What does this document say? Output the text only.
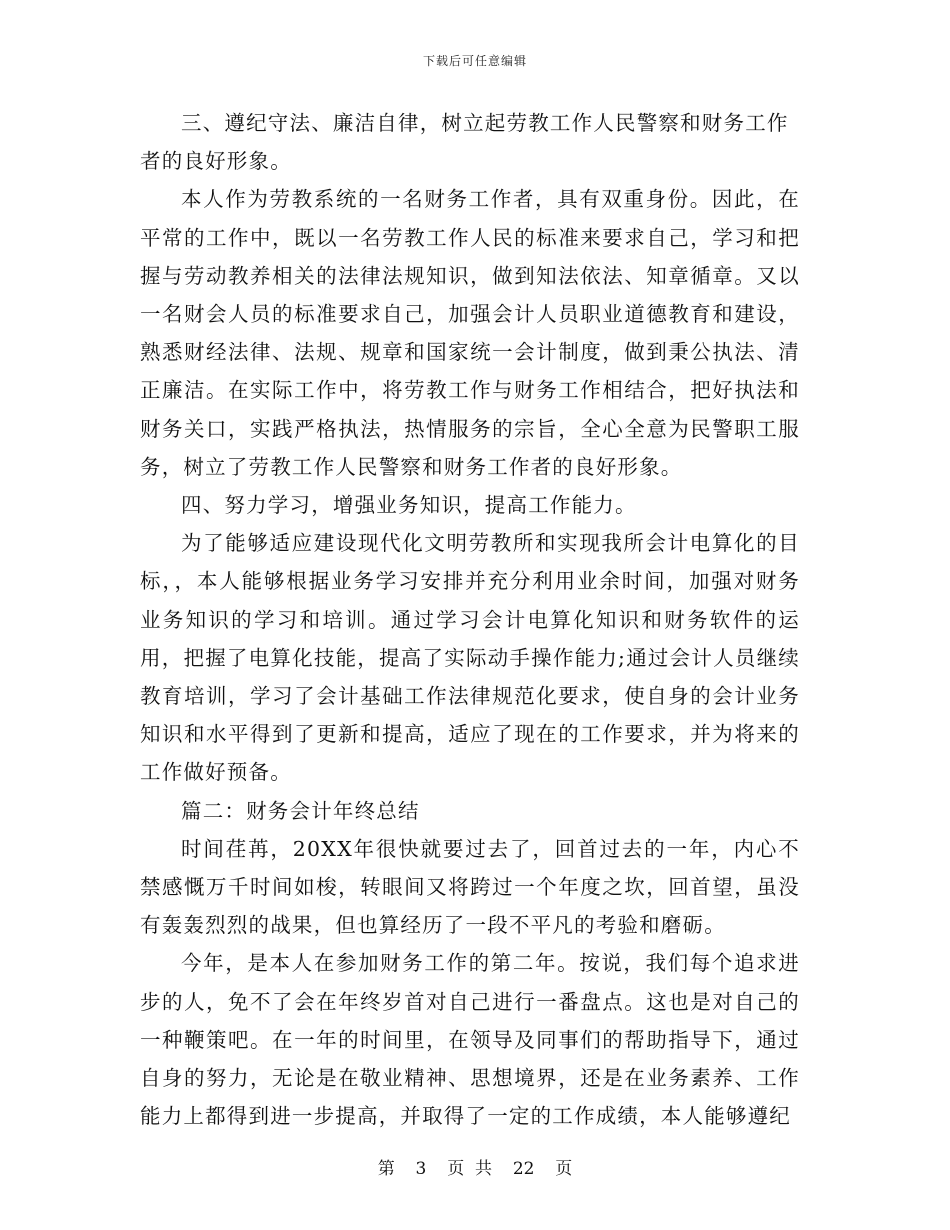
下载后可任意编辑

三、遵纪守法、廉洁自律，树立起劳教工作人民警察和财务工作者的良好形象。

本人作为劳教系统的一名财务工作者，具有双重身份。因此，在平常的工作中，既以一名劳教工作人民的标准来要求自己，学习和把握与劳动教养相关的法律法规知识，做到知法依法、知章循章。又以一名财会人员的标准要求自己，加强会计人员职业道德教育和建设，熟悉财经法律、法规、规章和国家统一会计制度，做到秉公执法、清正廉洁。在实际工作中，将劳教工作与财务工作相结合，把好执法和财务关口，实践严格执法，热情服务的宗旨，全心全意为民警职工服务，树立了劳教工作人民警察和财务工作者的良好形象。

四、努力学习，增强业务知识，提高工作能力。

为了能够适应建设现代化文明劳教所和实现我所会计电算化的目标，，本人能够根据业务学习安排并充分利用业余时间，加强对财务业务知识的学习和培训。通过学习会计电算化知识和财务软件的运用，把握了电算化技能，提高了实际动手操作能力;通过会计人员继续教育培训，学习了会计基础工作法律规范化要求，使自身的会计业务知识和水平得到了更新和提高，适应了现在的工作要求，并为将来的工作做好预备。

篇二：财务会计年终总结

时间荏苒，20XX年很快就要过去了，回首过去的一年，内心不禁感慨万千时间如梭，转眼间又将跨过一个年度之坎，回首望，虽没有轰轰烈烈的战果，但也算经历了一段不平凡的考验和磨砺。

今年，是本人在参加财务工作的第二年。按说，我们每个追求进步的人，免不了会在年终岁首对自己进行一番盘点。这也是对自己的一种鞭策吧。在一年的时间里，在领导及同事们的帮助指导下，通过自身的努力，无论是在敬业精神、思想境界，还是在业务素养、工作能力上都得到进一步提高，并取得了一定的工作成绩，本人能够遵纪

第 3 页  共 22 页
